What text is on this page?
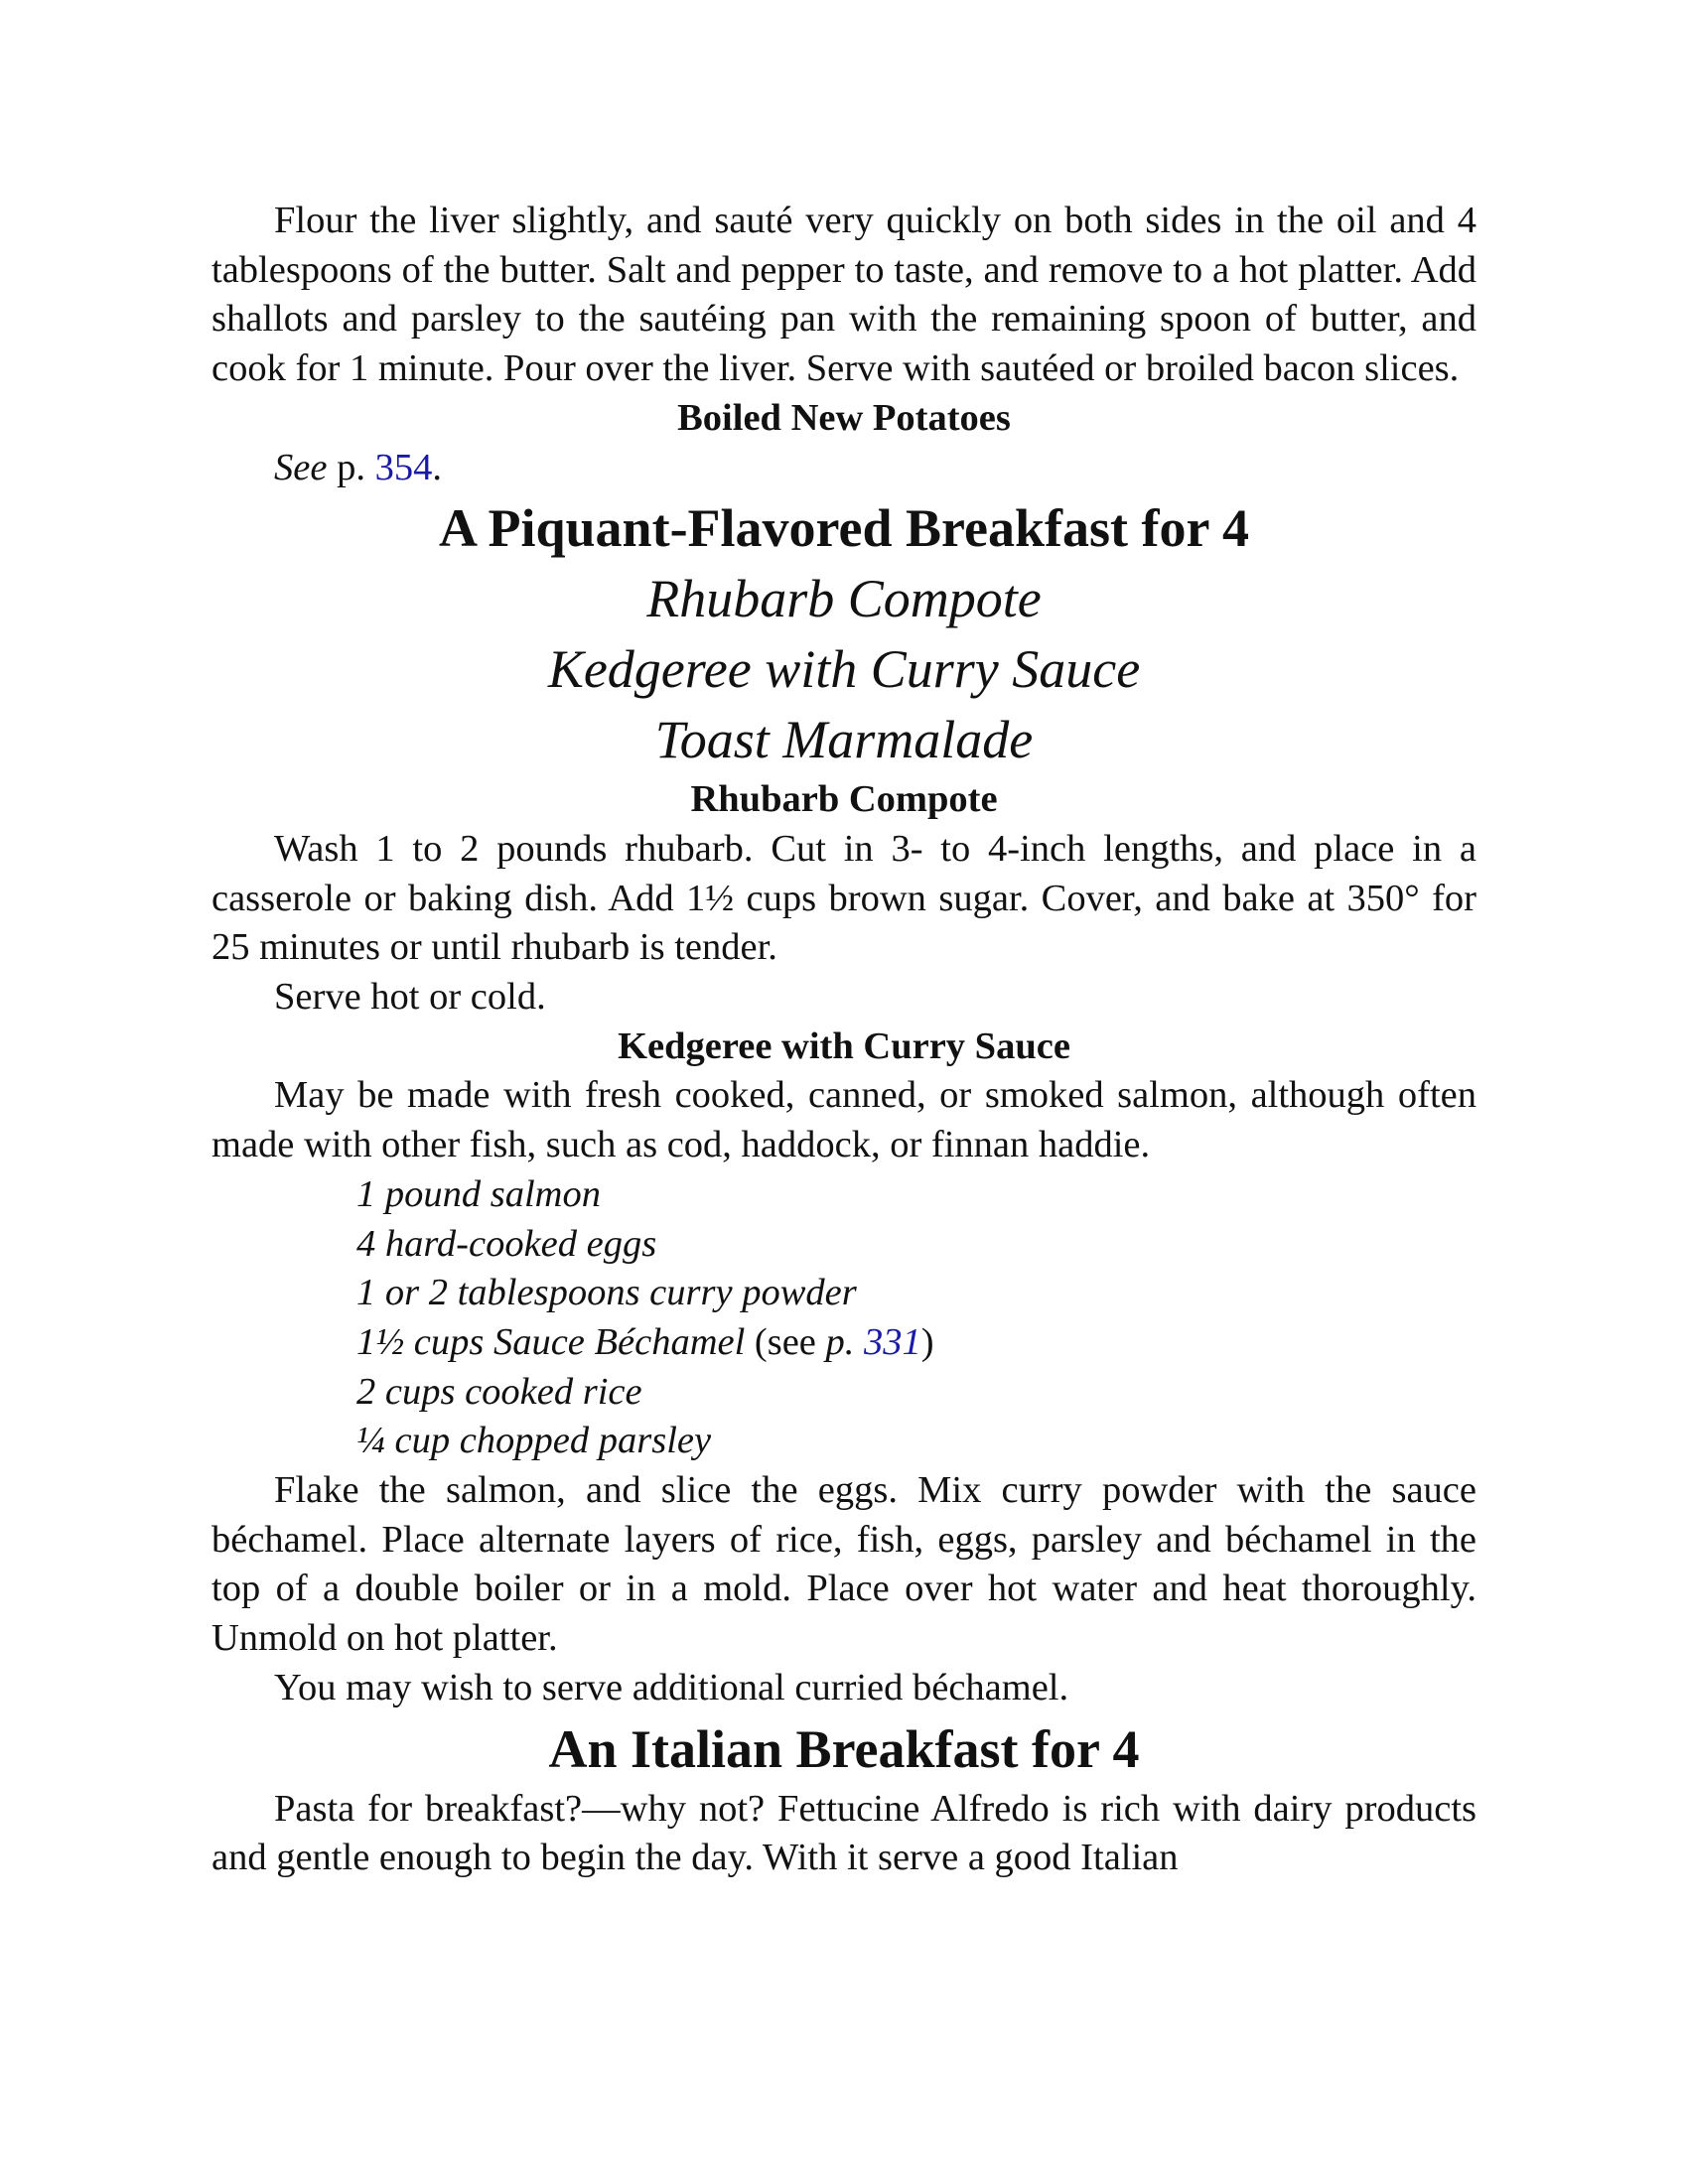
Flour the liver slightly, and sauté very quickly on both sides in the oil and 4 tablespoons of the butter. Salt and pepper to taste, and remove to a hot platter. Add shallots and parsley to the sautéing pan with the remaining spoon of butter, and cook for 1 minute. Pour over the liver. Serve with sautéed or broiled bacon slices.

Boiled New Potatoes

See p. 354.

A Piquant-Flavored Breakfast for 4

Rhubarb Compote

Kedgeree with Curry Sauce

Toast Marmalade

Rhubarb Compote

Wash 1 to 2 pounds rhubarb. Cut in 3- to 4-inch lengths, and place in a casserole or baking dish. Add 1½ cups brown sugar. Cover, and bake at 350° for 25 minutes or until rhubarb is tender.

Serve hot or cold.

Kedgeree with Curry Sauce

May be made with fresh cooked, canned, or smoked salmon, although often made with other fish, such as cod, haddock, or finnan haddie.

1 pound salmon
4 hard-cooked eggs
1 or 2 tablespoons curry powder
1½ cups Sauce Béchamel (see p. 331)
2 cups cooked rice
¼ cup chopped parsley

Flake the salmon, and slice the eggs. Mix curry powder with the sauce béchamel. Place alternate layers of rice, fish, eggs, parsley and béchamel in the top of a double boiler or in a mold. Place over hot water and heat thoroughly. Unmold on hot platter.

You may wish to serve additional curried béchamel.

An Italian Breakfast for 4

Pasta for breakfast?—why not? Fettucine Alfredo is rich with dairy products and gentle enough to begin the day. With it serve a good Italian
